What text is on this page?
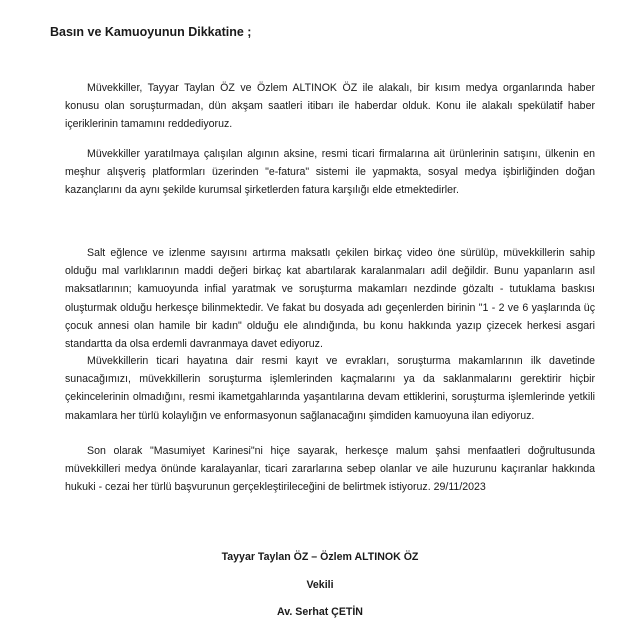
Basın ve Kamuoyunun Dikkatine ;

Müvekkiller, Tayyar Taylan ÖZ ve Özlem ALTINOK ÖZ ile alakalı, bir kısım medya organlarında haber konusu olan soruşturmadan, dün akşam saatleri itibarı ile haberdar olduk. Konu ile alakalı spekülatif haber içeriklerinin tamamını reddediyoruz.

Müvekkiller yaratılmaya çalışılan algının aksine, resmi ticari firmalarına ait ürünlerinin satışını, ülkenin en meşhur alışveriş platformları üzerinden "e-fatura" sistemi ile yapmakta, sosyal medya işbirliğinden doğan kazançlarını da aynı şekilde kurumsal şirketlerden fatura karşılığı elde etmektedirler.

Salt eğlence ve izlenme sayısını artırma maksatlı çekilen birkaç video öne sürülüp, müvekkillerin sahip olduğu mal varlıklarının maddi değeri birkaç kat abartılarak karalanmaları adil değildir. Bunu yapanların asıl maksatlarının; kamuoyunda infial yaratmak ve soruşturma makamları nezdinde gözaltı - tutuklama baskısı oluşturmak olduğu herkesçe bilinmektedir. Ve fakat bu dosyada adı geçenlerden birinin "1 - 2 ve 6 yaşlarında üç çocuk annesi olan hamile bir kadın" olduğu ele alındığında, bu konu hakkında yazıp çizecek herkesi asgari standartta da olsa erdemli davranmaya davet ediyoruz.

Müvekkillerin ticari hayatına dair resmi kayıt ve evrakları, soruşturma makamlarının ilk davetinde sunacağımızı, müvekkillerin soruşturma işlemlerinden kaçmalarını ya da saklanmalarını gerektirir hiçbir çekincelerinin olmadığını, resmi ikametgahlarında yaşantılarına devam ettiklerini, soruşturma işlemlerinde yetkili makamlara her türlü kolaylığın ve enformasyonun sağlanacağını şimdiden kamuoyuna ilan ediyoruz.

Son olarak "Masumiyet Karinesi"ni hiçe sayarak, herkesçe malum şahsi menfaatleri doğrultusunda müvekkilleri medya önünde karalayanlar, ticari zararlarına sebep olanlar ve aile huzurunu kaçıranlar hakkında hukuki - cezai her türlü başvurunun gerçekleştirileceğini de belirtmek istiyoruz. 29/11/2023

Tayyar Taylan ÖZ – Özlem ALTINOK ÖZ
Vekili
Av. Serhat ÇETİN
